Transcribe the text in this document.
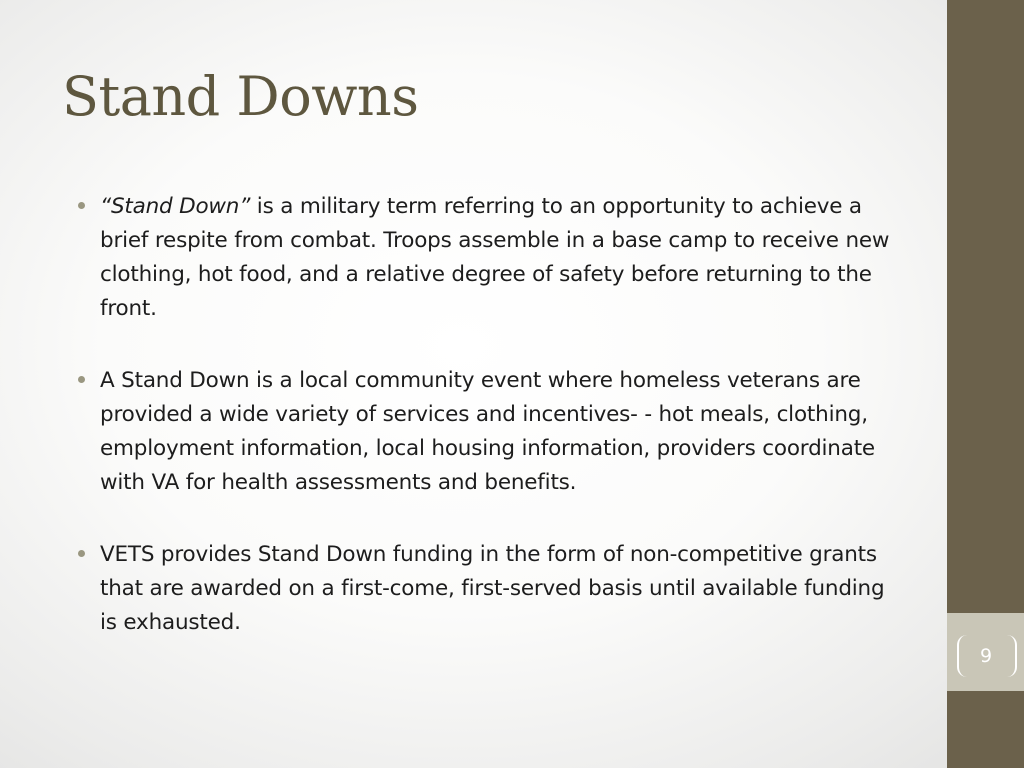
9
Stand Downs
“Stand Down” is a military term referring to an opportunity to achieve a brief respite from combat. Troops assemble in a base camp to receive new clothing, hot food, and a relative degree of safety before returning to the front.
A Stand Down is a local community event where homeless veterans are provided a wide variety of services and incentives- - hot meals, clothing, employment information, local housing information, providers coordinate with VA for health assessments and benefits.
VETS provides Stand Down funding in the form of non-competitive grants that are awarded on a first-come, first-served basis until available funding is exhausted.
